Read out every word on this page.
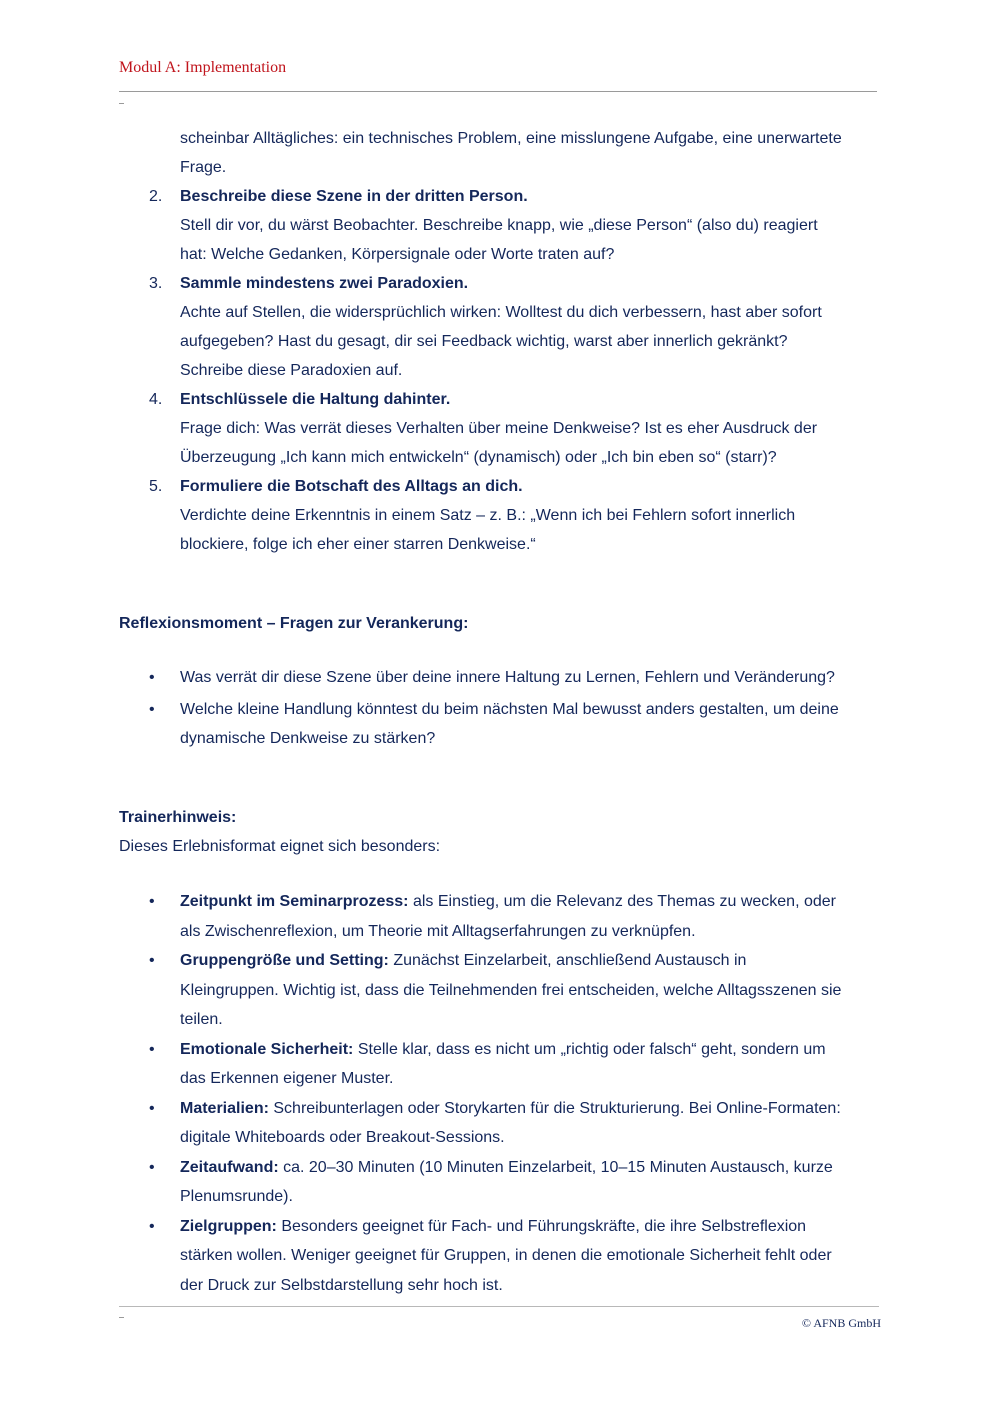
Modul A: Implementation
scheinbar Alltägliches: ein technisches Problem, eine misslungene Aufgabe, eine unerwartete
Frage.
2. Beschreibe diese Szene in der dritten Person.
Stell dir vor, du wärst Beobachter. Beschreibe knapp, wie „diese Person“ (also du) reagiert
hat: Welche Gedanken, Körpersignale oder Worte traten auf?
3. Sammle mindestens zwei Paradoxien.
Achte auf Stellen, die widersprüchlich wirken: Wolltest du dich verbessern, hast aber sofort
aufgegeben? Hast du gesagt, dir sei Feedback wichtig, warst aber innerlich gekränkt?
Schreibe diese Paradoxien auf.
4. Entschlüssele die Haltung dahinter.
Frage dich: Was verrät dieses Verhalten über meine Denkweise? Ist es eher Ausdruck der
Überzeugung „Ich kann mich entwickeln“ (dynamisch) oder „Ich bin eben so“ (starr)?
5. Formuliere die Botschaft des Alltags an dich.
Verdichte deine Erkenntnis in einem Satz – z. B.: „Wenn ich bei Fehlern sofort innerlich
blockiere, folge ich eher einer starren Denkweise.“
Reflexionsmoment – Fragen zur Verankerung:
• Was verrät dir diese Szene über deine innere Haltung zu Lernen, Fehlern und Veränderung?
• Welche kleine Handlung könntest du beim nächsten Mal bewusst anders gestalten, um deine
dynamische Denkweise zu stärken?
Trainerhinweis:
Dieses Erlebnisformat eignet sich besonders:
• Zeitpunkt im Seminarprozess: als Einstieg, um die Relevanz des Themas zu wecken, oder
als Zwischenreflexion, um Theorie mit Alltagserfahrungen zu verknüpfen.
• Gruppengröße und Setting: Zunächst Einzelarbeit, anschließend Austausch in
Kleingruppen. Wichtig ist, dass die Teilnehmenden frei entscheiden, welche Alltagsszenen sie
teilen.
• Emotionale Sicherheit: Stelle klar, dass es nicht um „richtig oder falsch“ geht, sondern um
das Erkennen eigener Muster.
• Materialien: Schreibunterlagen oder Storykarten für die Strukturierung. Bei Online-Formaten:
digitale Whiteboards oder Breakout-Sessions.
• Zeitaufwand: ca. 20–30 Minuten (10 Minuten Einzelarbeit, 10–15 Minuten Austausch, kurze
Plenumsrunde).
• Zielgruppen: Besonders geeignet für Fach- und Führungskräfte, die ihre Selbstreflexion
stärken wollen. Weniger geeignet für Gruppen, in denen die emotionale Sicherheit fehlt oder
der Druck zur Selbstdarstellung sehr hoch ist.
© AFNB GmbH
